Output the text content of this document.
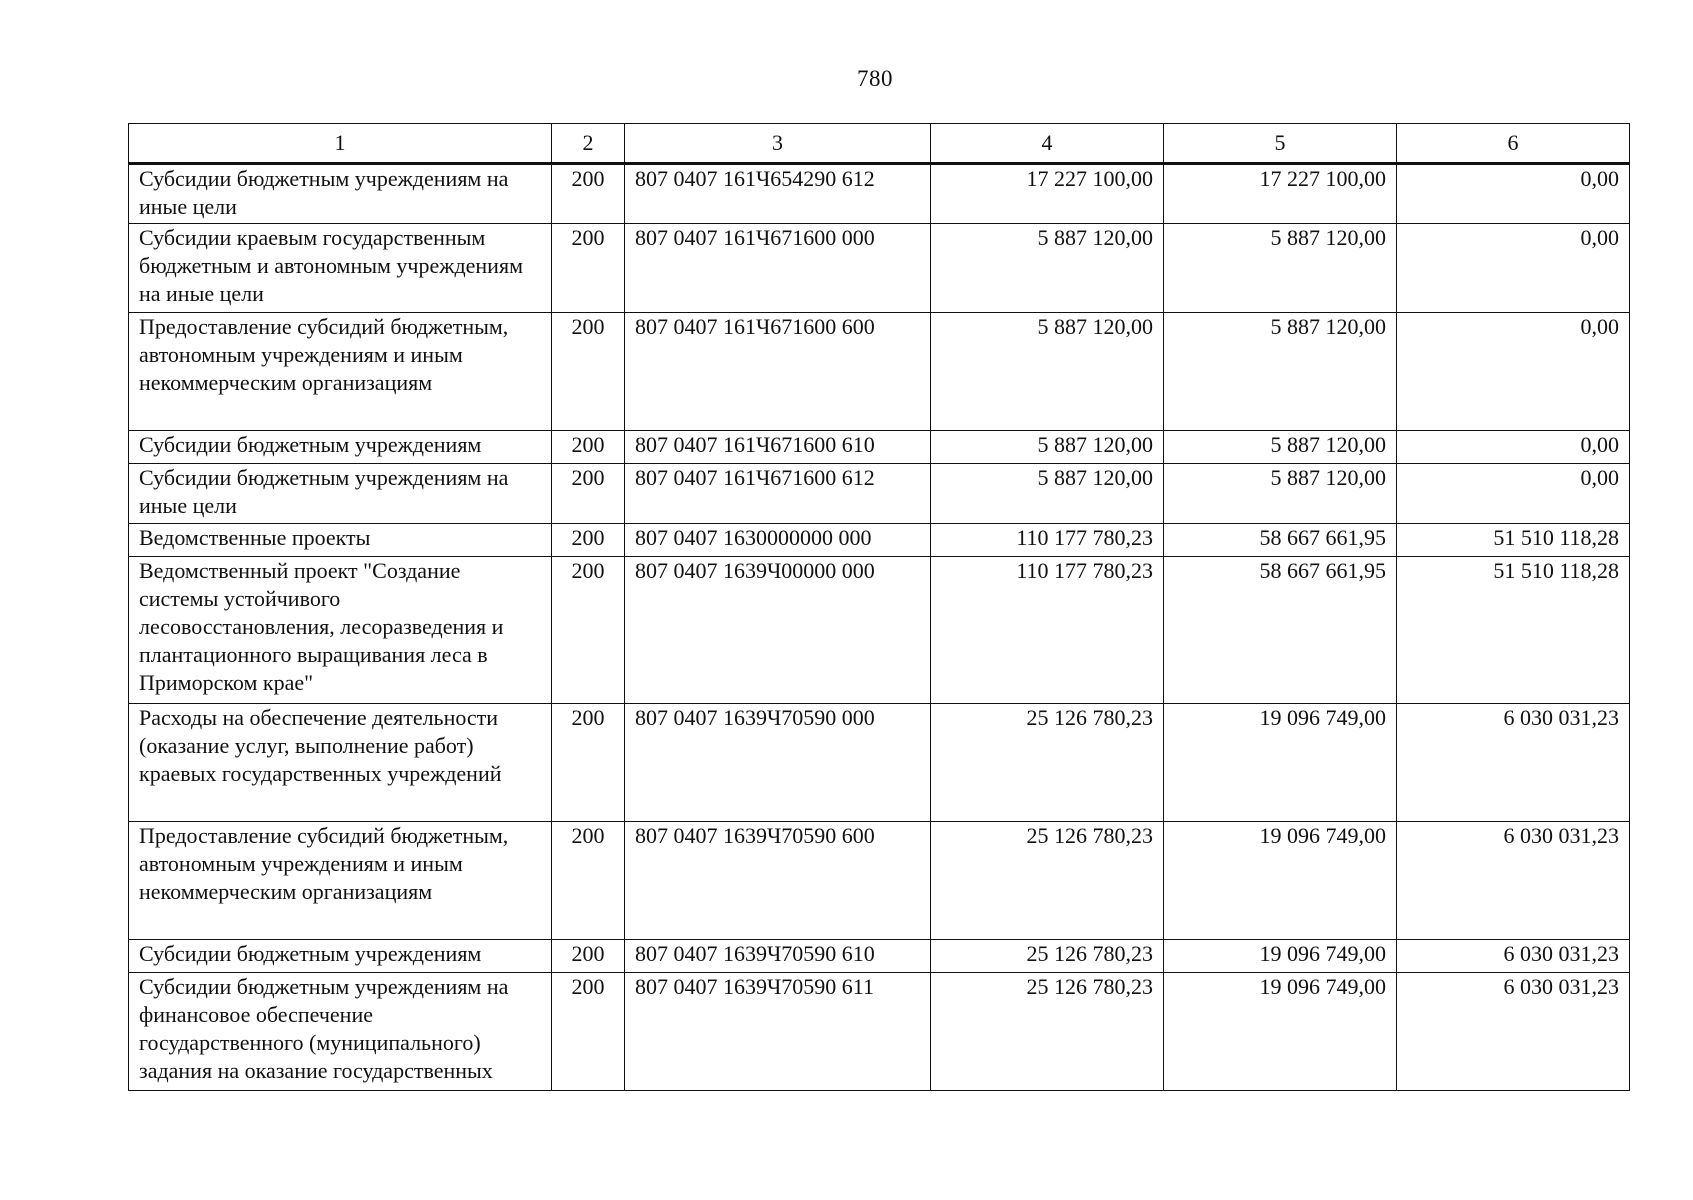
780
1	2	3	4	5	6
Субсидии бюджетным учреждениям на иные цели	200	807 0407 161Ч654290 612	17 227 100,00	17 227 100,00	0,00
Субсидии краевым государственным бюджетным и автономным учреждениям на иные цели	200	807 0407 161Ч671600 000	5 887 120,00	5 887 120,00	0,00
Предоставление субсидий бюджетным, автономным учреждениям и иным некоммерческим организациям	200	807 0407 161Ч671600 600	5 887 120,00	5 887 120,00	0,00
Субсидии бюджетным учреждениям	200	807 0407 161Ч671600 610	5 887 120,00	5 887 120,00	0,00
Субсидии бюджетным учреждениям на иные цели	200	807 0407 161Ч671600 612	5 887 120,00	5 887 120,00	0,00
Ведомственные проекты	200	807 0407 1630000000 000	110 177 780,23	58 667 661,95	51 510 118,28
Ведомственный проект "Создание системы устойчивого лесовосстановления, лесоразведения и плантационного выращивания леса в Приморском крае"	200	807 0407 1639Ч00000 000	110 177 780,23	58 667 661,95	51 510 118,28
Расходы на обеспечение деятельности (оказание услуг, выполнение работ) краевых государственных учреждений	200	807 0407 1639Ч70590 000	25 126 780,23	19 096 749,00	6 030 031,23
Предоставление субсидий бюджетным, автономным учреждениям и иным некоммерческим организациям	200	807 0407 1639Ч70590 600	25 126 780,23	19 096 749,00	6 030 031,23
Субсидии бюджетным учреждениям	200	807 0407 1639Ч70590 610	25 126 780,23	19 096 749,00	6 030 031,23
Субсидии бюджетным учреждениям на финансовое обеспечение государственного (муниципального) задания на оказание государственных	200	807 0407 1639Ч70590 611	25 126 780,23	19 096 749,00	6 030 031,23
